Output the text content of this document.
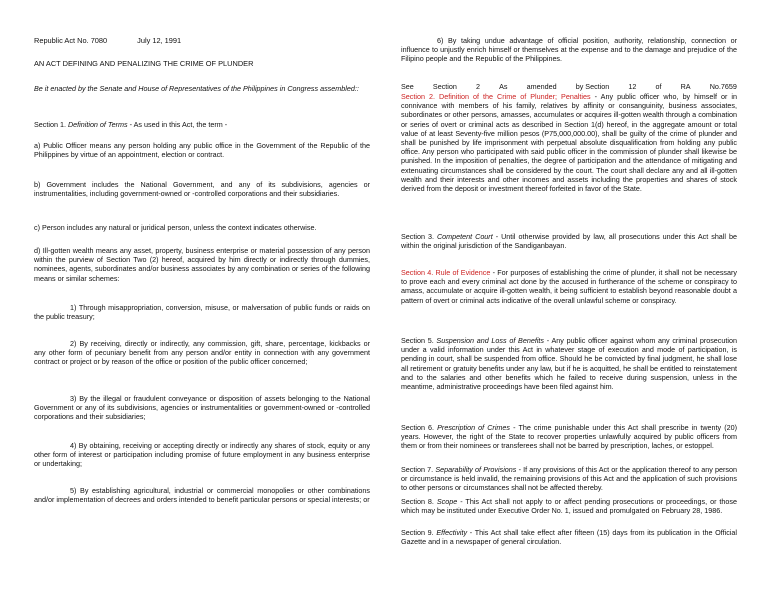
Republic Act No. 7080	July 12, 1991

AN ACT DEFINING AND PENALIZING THE CRIME OF PLUNDER

Be it enacted by the Senate and House of Representatives of the Philippines in Congress assembled::

Section 1. Definition of Terms - As used in this Act, the term -

a) Public Officer means any person holding any public office in the Government of the Republic of the Philippines by virtue of an appointment, election or contract.

b) Government includes the National Government, and any of its subdivisions, agencies or instrumentalities, including government-owned or -controlled corporations and their subsidiaries.

c) Person includes any natural or juridical person, unless the context indicates otherwise.

d) Ill-gotten wealth means any asset, property, business enterprise or material possession of any person within the purview of Section Two (2) hereof, acquired by him directly or indirectly through dummies, nominees, agents, subordinates and/or business associates by any combination or series of the following means or similar schemes:

1) Through misappropriation, conversion, misuse, or malversation of public funds or raids on the public treasury;

2) By receiving, directly or indirectly, any commission, gift, share, percentage, kickbacks or any other form of pecuniary benefit from any person and/or entity in connection with any government contract or project or by reason of the office or position of the public officer concerned;

3) By the illegal or fraudulent conveyance or disposition of assets belonging to the National Government or any of its subdivisions, agencies or instrumentalities or government-owned or -controlled corporations and their subsidiaries;

4) By obtaining, receiving or accepting directly or indirectly any shares of stock, equity or any other form of interest or participation including promise of future employment in any business enterprise or undertaking;

5) By establishing agricultural, industrial or commercial monopolies or other combinations and/or implementation of decrees and orders intended to benefit particular persons or special interests; or

6) By taking undue advantage of official position, authority, relationship, connection or influence to unjustly enrich himself or themselves at the expense and to the damage and prejudice of the Filipino people and the Republic of the Philippines.

See	Section	2	As	amended	by Section	12	of	RA	No.7659

Section 2. Definition of the Crime of Plunder; Penalties - Any public officer who, by himself or in connivance with members of his family, relatives by affinity or consanguinity, business associates, subordinates or other persons, amasses, accumulates or acquires ill-gotten wealth through a combination or series of overt or criminal acts as described in Section 1(d) hereof, in the aggregate amount or total value of at least Seventy-five million pesos (P75,000,000.00), shall be guilty of the crime of plunder and shall be punished by life imprisonment with perpetual absolute disqualification from holding any public office. Any person who participated with said public officer in the commission of plunder shall likewise be punished. In the imposition of penalties, the degree of participation and the attendance of mitigating and extenuating circumstances shall be considered by the court. The court shall declare any and all ill-gotten wealth and their interests and other incomes and assets including the properties and shares of stock derived from the deposit or investment thereof forfeited in favor of the State.

Section 3. Competent Court - Until otherwise provided by law, all prosecutions under this Act shall be within the original jurisdiction of the Sandiganbayan.

Section 4. Rule of Evidence - For purposes of establishing the crime of plunder, it shall not be necessary to prove each and every criminal act done by the accused in furtherance of the scheme or conspiracy to amass, accumulate or acquire ill-gotten wealth, it being sufficient to establish beyond reasonable doubt a pattern of overt or criminal acts indicative of the overall unlawful scheme or conspiracy.

Section 5. Suspension and Loss of Benefits - Any public officer against whom any criminal prosecution under a valid information under this Act in whatever stage of execution and mode of participation, is pending in court, shall be suspended from office. Should he be convicted by final judgment, he shall lose all retirement or gratuity benefits under any law, but if he is acquitted, he shall be entitled to reinstatement and to the salaries and other benefits which he failed to receive during suspension, unless in the meantime, administrative proceedings have been filed against him.

Section 6. Prescription of Crimes - The crime punishable under this Act shall prescribe in twenty (20) years. However, the right of the State to recover properties unlawfully acquired by public officers from them or from their nominees or transferees shall not be barred by prescription, laches, or estoppel.

Section 7. Separability of Provisions - If any provisions of this Act or the application thereof to any person or circumstance is held invalid, the remaining provisions of this Act and the application of such provisions to other persons or circumstances shall not be affected thereby.

Section 8. Scope - This Act shall not apply to or affect pending prosecutions or proceedings, or those which may be instituted under Executive Order No. 1, issued and promulgated on February 28, 1986.

Section 9. Effectivity - This Act shall take effect after fifteen (15) days from its publication in the Official Gazette and in a newspaper of general circulation.
